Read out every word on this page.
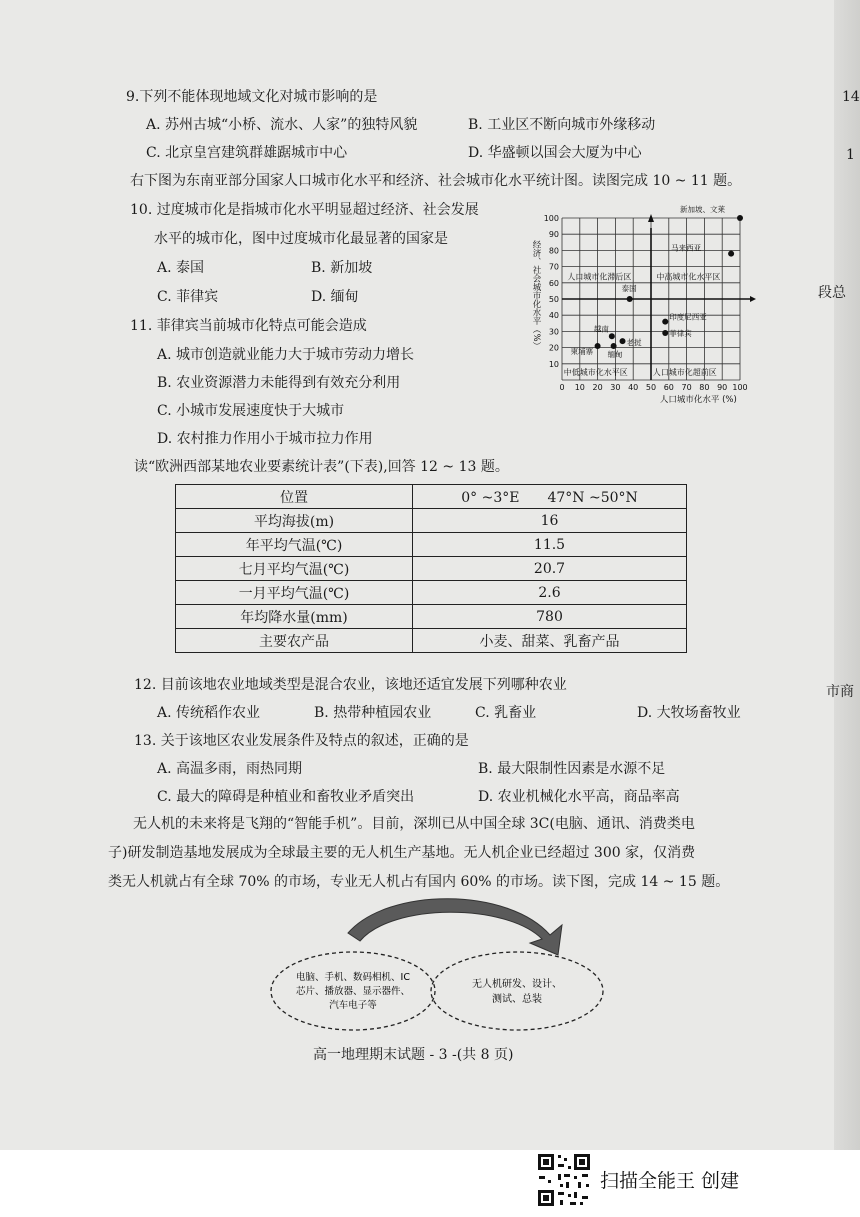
9.下列不能体现地域文化对城市影响的是
A. 苏州古城“小桥、流水、人家”的独特风貌	B. 工业区不断向城市外缘移动
C. 北京皇宫建筑群雄踞城市中心	D. 华盛顿以国会大厦为中心
右下图为东南亚部分国家人口城市化水平和经济、社会城市化水平统计图。读图完成 10 ~ 11 题。
10. 过度城市化是指城市化水平明显超过经济、社会发展
水平的城市化，图中过度城市化最显著的国家是
A. 泰国	B. 新加坡
C. 菲律宾	D. 缅甸
11. 菲律宾当前城市化特点可能会造成
A. 城市创造就业能力大于城市劳动力增长
B. 农业资源潜力未能得到有效充分利用
C. 小城市发展速度快于大城市
D. 农村推力作用小于城市拉力作用
0 10 20 30 40 50 60 70 80 90 100
10
20
30
40
50
60
70
80
90
100
新加坡、文莱
马来西亚
泰国
印度尼西亚
菲律宾
越南
老挝
缅甸
柬埔寨
人口城市化滞后区	中高城市化水平区
中低城市化水平区	人口城市化超前区
人口城市化水平 (%)
经济、社会城市化水平（%）
读“欧洲西部某地农业要素统计表”(下表),回答 12 ~ 13 题。
位置	0° ~3°E　　47°N ~50°N
平均海拔(m)	16
年平均气温(℃)	11.5
七月平均气温(℃)	20.7
一月平均气温(℃)	2.6
年均降水量(mm)	780
主要农产品	小麦、甜菜、乳畜产品
12. 目前该地农业地域类型是混合农业，该地还适宜发展下列哪种农业
A. 传统稻作农业	B. 热带种植园农业	C. 乳畜业	D. 大牧场畜牧业
13. 关于该地区农业发展条件及特点的叙述，正确的是
A. 高温多雨，雨热同期	B. 最大限制性因素是水源不足
C. 最大的障碍是种植业和畜牧业矛盾突出	D. 农业机械化水平高，商品率高
无人机的未来将是飞翔的“智能手机”。目前，深圳已从中国全球 3C(电脑、通讯、消费类电
子)研发制造基地发展成为全球最主要的无人机生产基地。无人机企业已经超过 300 家，仅消费
类无人机就占有全球 70% 的市场，专业无人机占有国内 60% 的市场。读下图，完成 14 ~ 15 题。
电脑、手机、数码相机、IC
芯片、播放器、显示器件、
汽车电子等
无人机研发、设计、
测试、总装
高一地理期末试题 - 3 -(共 8 页)
14
1
段总
市商
扫描全能王 创建
